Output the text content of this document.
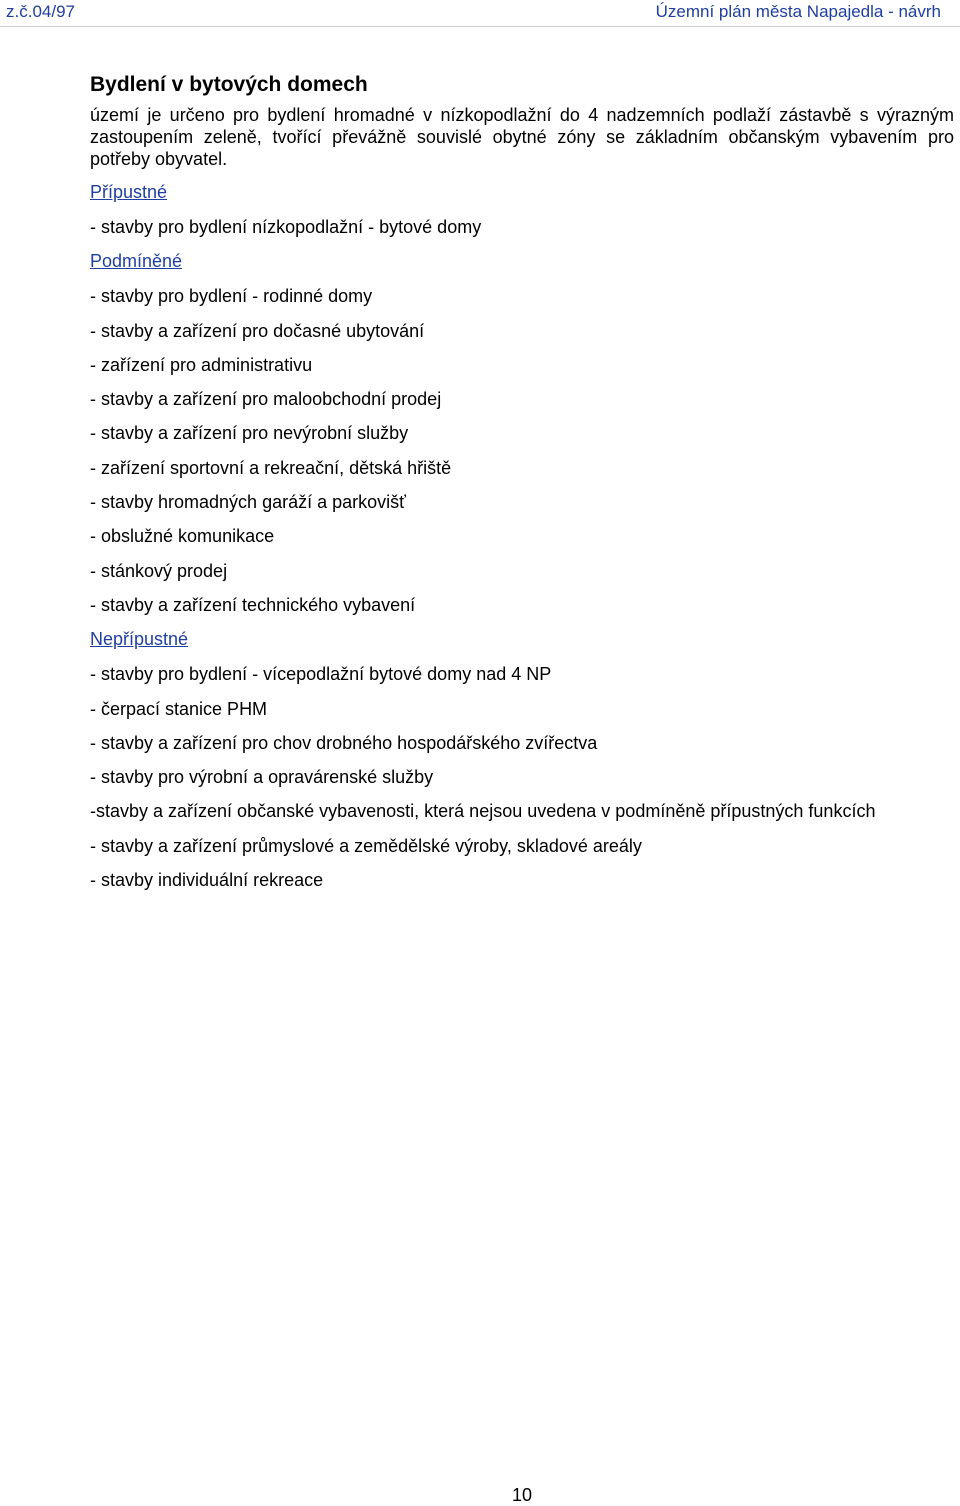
z.č.04/97	Územní plán města Napajedla - návrh
Bydlení v bytových domech

území je určeno pro bydlení hromadné v nízkopodlažní do 4 nadzemních podlaží zástavbě s výrazným zastoupením zeleně, tvořící převážně souvislé obytné zóny se základním občanským vybavením pro potřeby obyvatel.

Přípustné

- stavby pro bydlení nízkopodlažní - bytové domy

Podmíněné

- stavby pro bydlení - rodinné domy
- stavby a zařízení pro dočasné ubytování
- zařízení pro administrativu
- stavby a zařízení pro maloobchodní prodej
- stavby a zařízení pro nevýrobní služby
- zařízení sportovní a rekreační, dětská hřiště
- stavby hromadných garáží a parkovišť
- obslužné komunikace
- stánkový prodej
- stavby a zařízení technického vybavení

Nepřípustné

- stavby pro bydlení - vícepodlažní bytové domy nad 4 NP
- čerpací stanice PHM
- stavby a zařízení pro chov drobného hospodářského zvířectva
- stavby pro výrobní a opravárenské služby
-stavby a zařízení občanské vybavenosti, která nejsou uvedena v podmíněně přípustných funkcích
- stavby a zařízení průmyslové a zemědělské výroby, skladové areály
- stavby individuální rekreace
10
